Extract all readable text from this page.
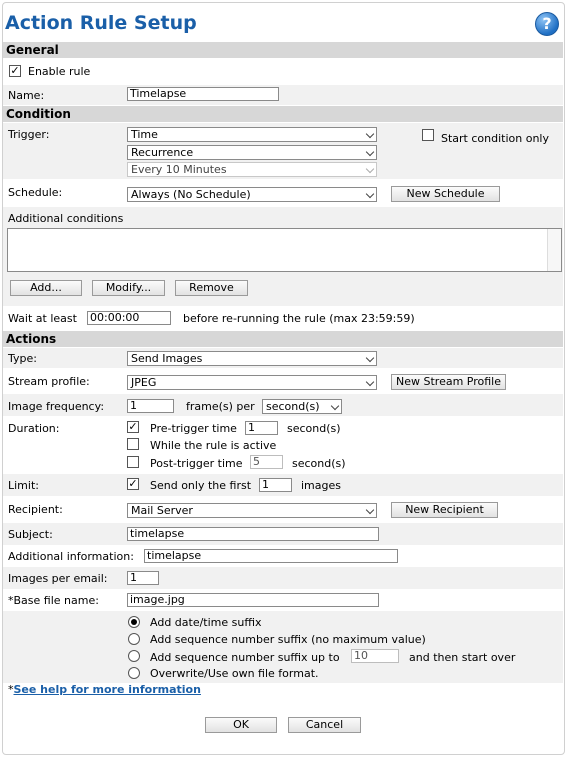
Action Rule Setup	?
General
✓ Enable rule
Name:	Timelapse
Condition
Trigger:	Time
Recurrence
Every 10 Minutes
Start condition only
Schedule:	Always (No Schedule)	New Schedule
Additional conditions
Add...	Modify...	Remove
Wait at least 00:00:00	before re-running the rule (max 23:59:59)
Actions
Type:	Send Images
Stream profile:	JPEG	New Stream Profile
Image frequency: 1	frame(s) per	second(s)
Duration:	✓ Pre-trigger time 1	second(s)
While the rule is active
Post-trigger time 5	second(s)
Limit:	✓ Send only the first 1	images
Recipient:	Mail Server	New Recipient
Subject:	timelapse
Additional information: timelapse
Images per email: 1
*Base file name:	image.jpg
Add date/time suffix
Add sequence number suffix (no maximum value)
Add sequence number suffix up to 10	and then start over
Overwrite/Use own file format.
*See help for more information
OK	Cancel
